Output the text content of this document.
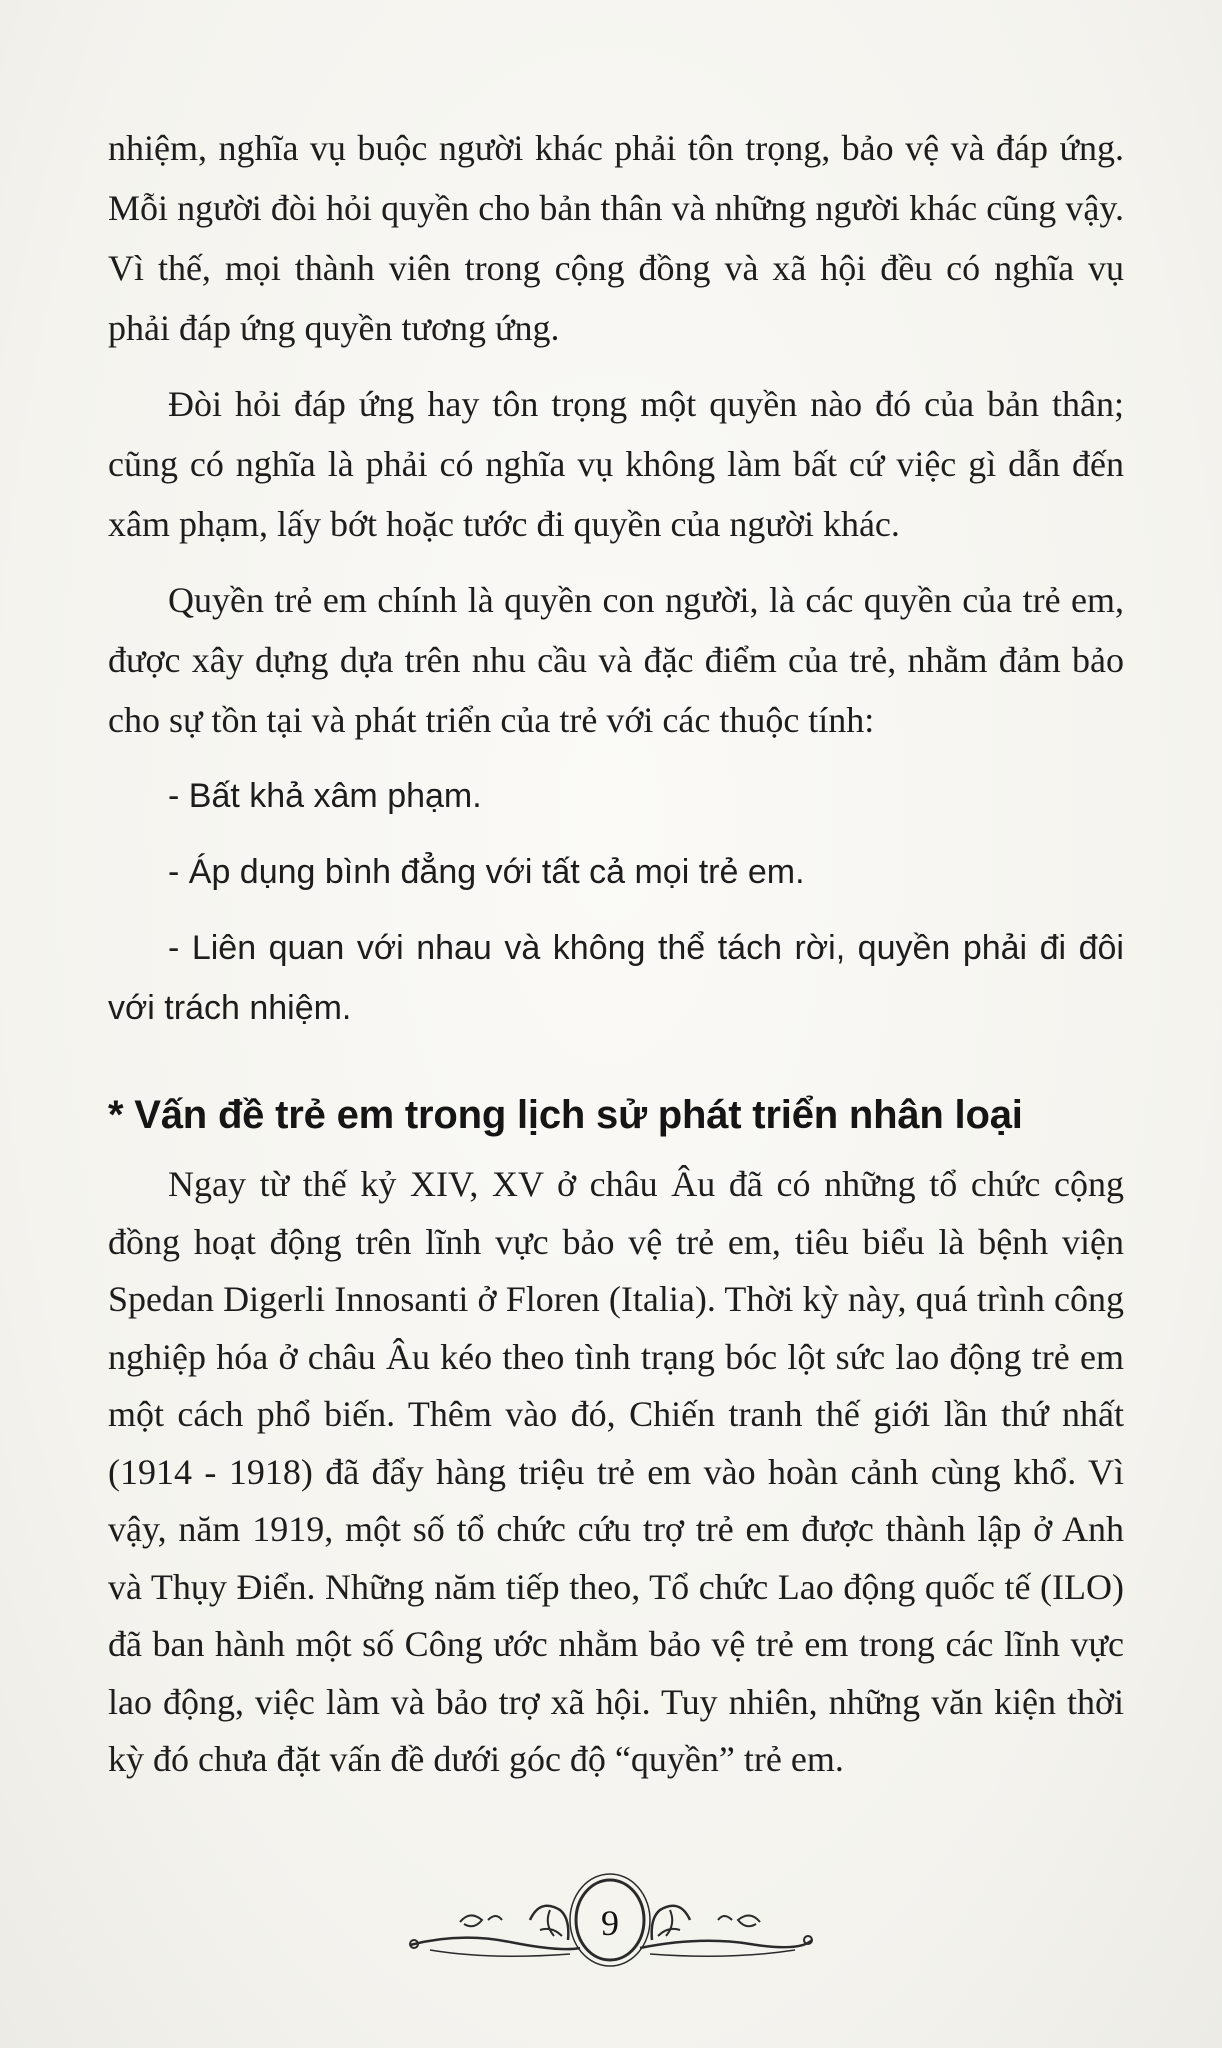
nhiệm, nghĩa vụ buộc người khác phải tôn trọng, bảo vệ và đáp ứng. Mỗi người đòi hỏi quyền cho bản thân và những người khác cũng vậy. Vì thế, mọi thành viên trong cộng đồng và xã hội đều có nghĩa vụ phải đáp ứng quyền tương ứng.

Đòi hỏi đáp ứng hay tôn trọng một quyền nào đó của bản thân; cũng có nghĩa là phải có nghĩa vụ không làm bất cứ việc gì dẫn đến xâm phạm, lấy bớt hoặc tước đi quyền của người khác.

Quyền trẻ em chính là quyền con người, là các quyền của trẻ em, được xây dựng dựa trên nhu cầu và đặc điểm của trẻ, nhằm đảm bảo cho sự tồn tại và phát triển của trẻ với các thuộc tính:

- Bất khả xâm phạm.

- Áp dụng bình đẳng với tất cả mọi trẻ em.

- Liên quan với nhau và không thể tách rời, quyền phải đi đôi với trách nhiệm.

* Vấn đề trẻ em trong lịch sử phát triển nhân loại

Ngay từ thế kỷ XIV, XV ở châu Âu đã có những tổ chức cộng đồng hoạt động trên lĩnh vực bảo vệ trẻ em, tiêu biểu là bệnh viện Spedan Digerli Innosanti ở Floren (Italia). Thời kỳ này, quá trình công nghiệp hóa ở châu Âu kéo theo tình trạng bóc lột sức lao động trẻ em một cách phổ biến. Thêm vào đó, Chiến tranh thế giới lần thứ nhất (1914 - 1918) đã đẩy hàng triệu trẻ em vào hoàn cảnh cùng khổ. Vì vậy, năm 1919, một số tổ chức cứu trợ trẻ em được thành lập ở Anh và Thụy Điển. Những năm tiếp theo, Tổ chức Lao động quốc tế (ILO) đã ban hành một số Công ước nhằm bảo vệ trẻ em trong các lĩnh vực lao động, việc làm và bảo trợ xã hội. Tuy nhiên, những văn kiện thời kỳ đó chưa đặt vấn đề dưới góc độ “quyền” trẻ em.

9
